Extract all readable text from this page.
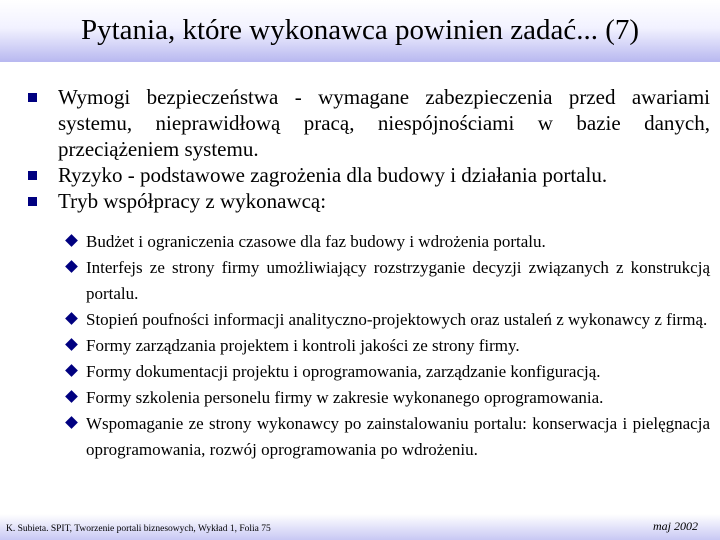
Pytania, które wykonawca powinien zadać... (7)
Wymogi bezpieczeństwa - wymagane zabezpieczenia przed awariami systemu, nieprawidłową pracą, niespójnościami w bazie danych, przeciążeniem systemu.
Ryzyko - podstawowe zagrożenia dla budowy i działania portalu.
Tryb współpracy z wykonawcą:
Budżet i ograniczenia czasowe dla faz budowy i wdrożenia portalu.
Interfejs ze strony firmy umożliwiający rozstrzyganie decyzji związanych z konstrukcją portalu.
Stopień poufności informacji analityczno-projektowych oraz ustaleń z wykonawcy z firmą.
Formy zarządzania projektem i kontroli jakości ze strony firmy.
Formy dokumentacji projektu i oprogramowania, zarządzanie konfiguracją.
Formy szkolenia personelu firmy w zakresie wykonanego oprogramowania.
Wspomaganie ze strony wykonawcy po zainstalowaniu portalu: konserwacja i pielęgnacja oprogramowania, rozwój oprogramowania po wdrożeniu.
K. Subieta. SPIT, Tworzenie portali biznesowych, Wykład 1, Folia 75	maj 2002
